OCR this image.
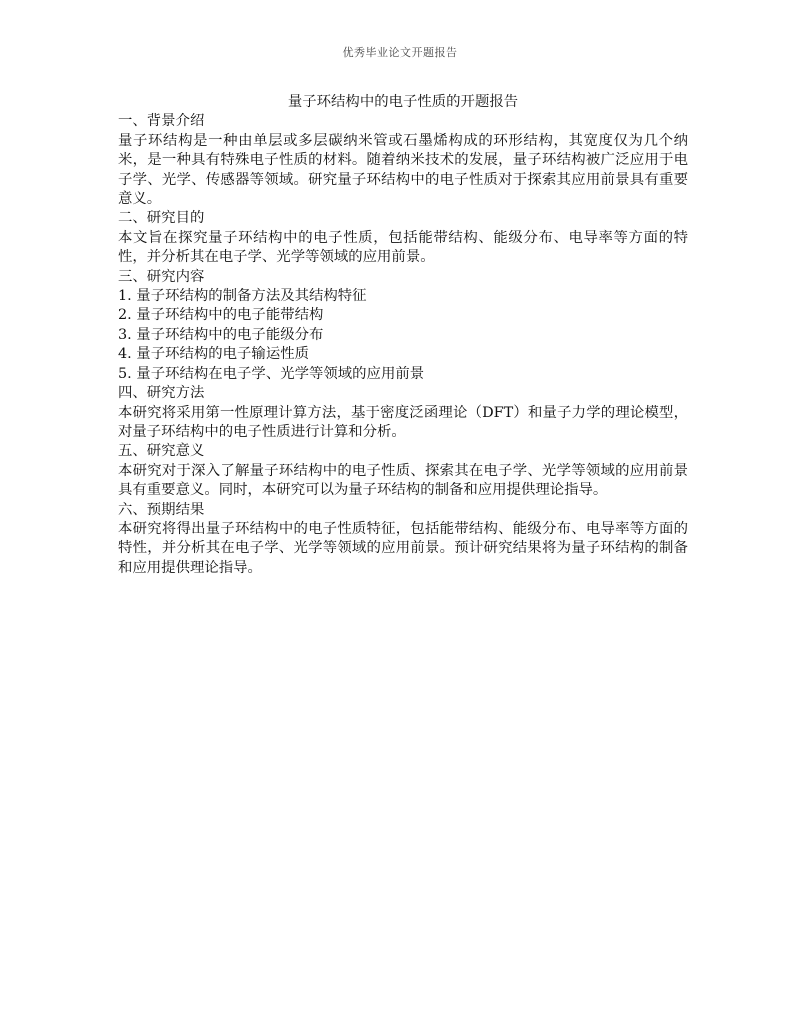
优秀毕业论文开题报告
量子环结构中的电子性质的开题报告
一、背景介绍

量子环结构是一种由单层或多层碳纳米管或石墨烯构成的环形结构，其宽度仅为几个纳米，是一种具有特殊电子性质的材料。随着纳米技术的发展，量子环结构被广泛应用于电子学、光学、传感器等领域。研究量子环结构中的电子性质对于探索其应用前景具有重要意义。

二、研究目的

本文旨在探究量子环结构中的电子性质，包括能带结构、能级分布、电导率等方面的特性，并分析其在电子学、光学等领域的应用前景。

三、研究内容
1. 量子环结构的制备方法及其结构特征
2. 量子环结构中的电子能带结构
3. 量子环结构中的电子能级分布
4. 量子环结构的电子输运性质
5. 量子环结构在电子学、光学等领域的应用前景
四、研究方法

本研究将采用第一性原理计算方法，基于密度泛函理论（DFT）和量子力学的理论模型，对量子环结构中的电子性质进行计算和分析。

五、研究意义

本研究对于深入了解量子环结构中的电子性质、探索其在电子学、光学等领域的应用前景具有重要意义。同时，本研究可以为量子环结构的制备和应用提供理论指导。

六、预期结果

本研究将得出量子环结构中的电子性质特征，包括能带结构、能级分布、电导率等方面的特性，并分析其在电子学、光学等领域的应用前景。预计研究结果将为量子环结构的制备和应用提供理论指导。
